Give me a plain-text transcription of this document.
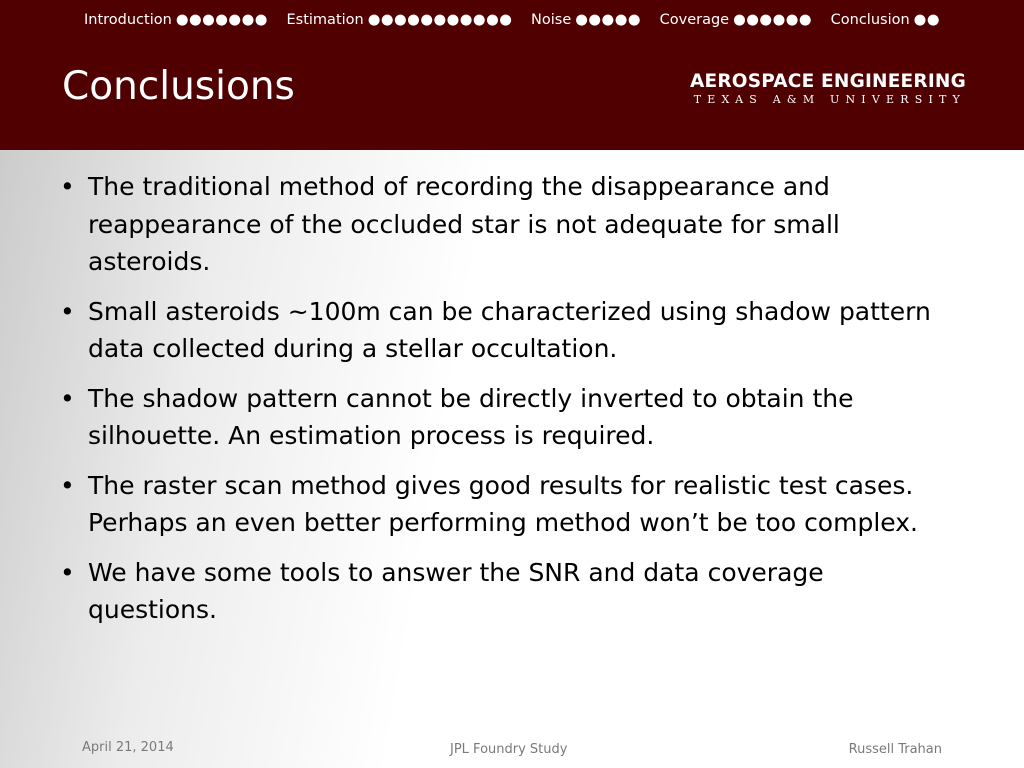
Introduction ●●●●●●● Estimation ●●●●●●●●●●● Noise ●●●●● Coverage ●●●●●● Conclusion ●●
Conclusions	AEROSPACE ENGINEERING
TEXAS A&M UNIVERSITY
• The traditional method of recording the disappearance and reappearance of the occluded star is not adequate for small asteroids.
• Small asteroids ~100m can be characterized using shadow pattern data collected during a stellar occultation.
• The shadow pattern cannot be directly inverted to obtain the silhouette. An estimation process is required.
• The raster scan method gives good results for realistic test cases. Perhaps an even better performing method won’t be too complex.
• We have some tools to answer the SNR and data coverage questions.
April 21, 2014	JPL Foundry Study	Russell Trahan
